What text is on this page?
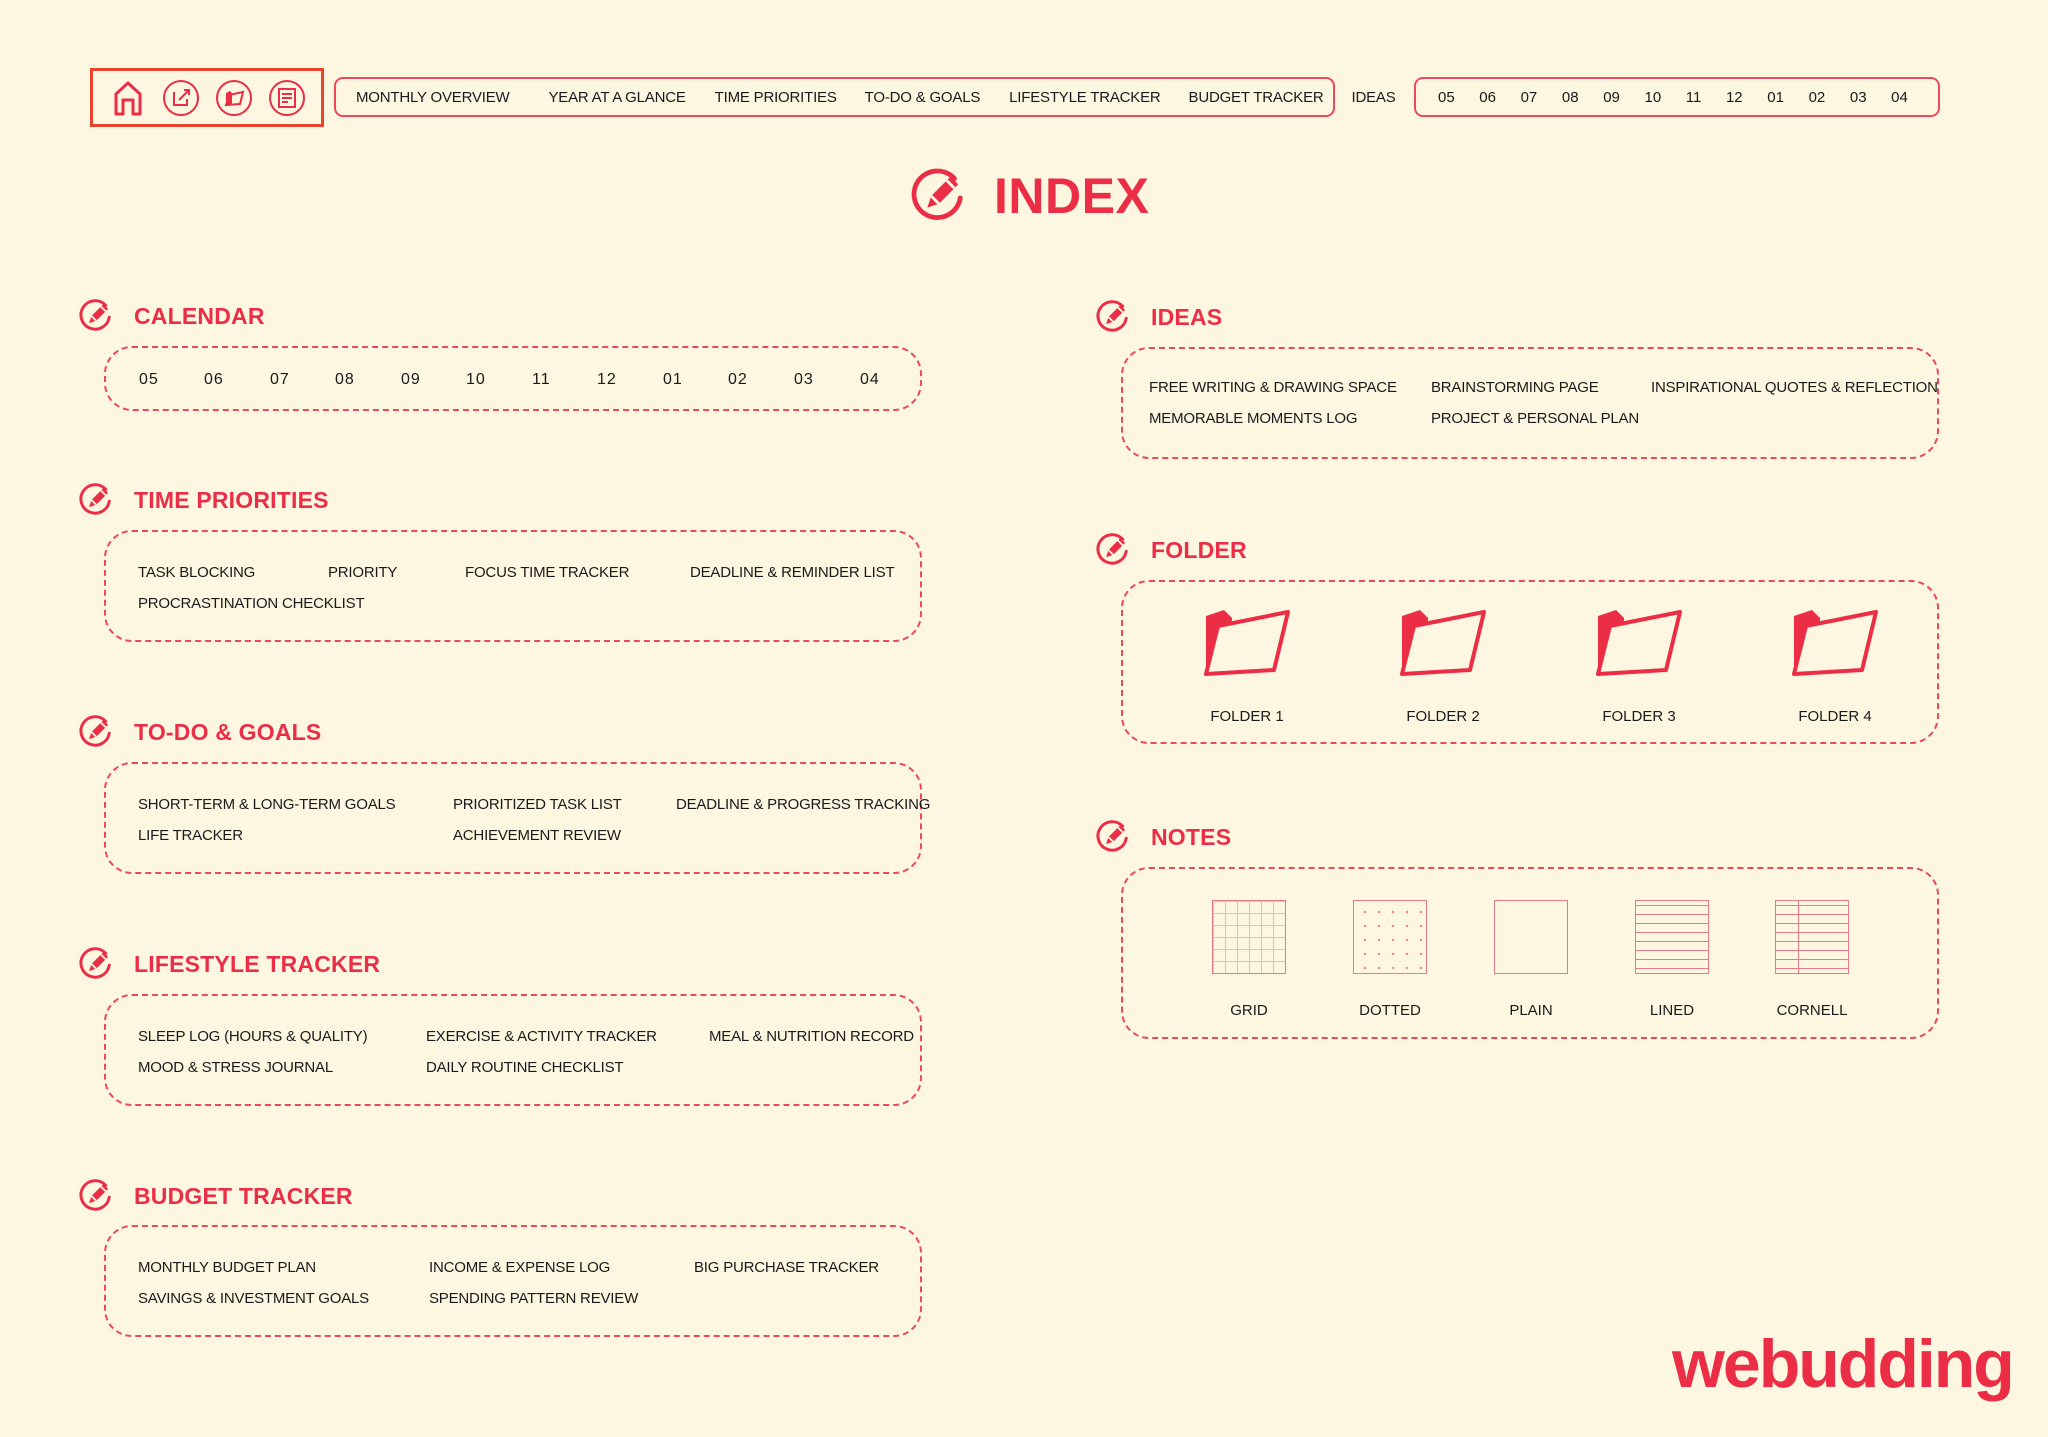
MONTHLY OVERVIEW	YEAR AT A GLANCE TIME PRIORITIES TO-DO & GOALS LIFESTYLE TRACKER BUDGET TRACKER IDEAS	05 06 07 08 09 10 11 12 01 02 03 04
INDEX
CALENDAR
05	06	07	08	09	10	11	12	01	02	03	04
TIME PRIORITIES
TASK BLOCKING	PRIORITY	FOCUS TIME TRACKER	DEADLINE & REMINDER LIST
PROCRASTINATION CHECKLIST
TO-DO & GOALS
SHORT-TERM & LONG-TERM GOALS	PRIORITIZED TASK LIST	DEADLINE & PROGRESS TRACKING
LIFE TRACKER	ACHIEVEMENT REVIEW
LIFESTYLE TRACKER
SLEEP LOG (HOURS & QUALITY)	EXERCISE & ACTIVITY TRACKER	MEAL & NUTRITION RECORD
MOOD & STRESS JOURNAL	DAILY ROUTINE CHECKLIST
BUDGET TRACKER
MONTHLY BUDGET PLAN	INCOME & EXPENSE LOG	BIG PURCHASE TRACKER
SAVINGS & INVESTMENT GOALS	SPENDING PATTERN REVIEW
IDEAS
FREE WRITING & DRAWING SPACE BRAINSTORMING PAGE	INSPIRATIONAL QUOTES & REFLECTION
MEMORABLE MOMENTS LOG	PROJECT & PERSONAL PLAN
FOLDER
FOLDER 1	FOLDER 2	FOLDER 3	FOLDER 4
NOTES
GRID	DOTTED	PLAIN	LINED	CORNELL
webudding
